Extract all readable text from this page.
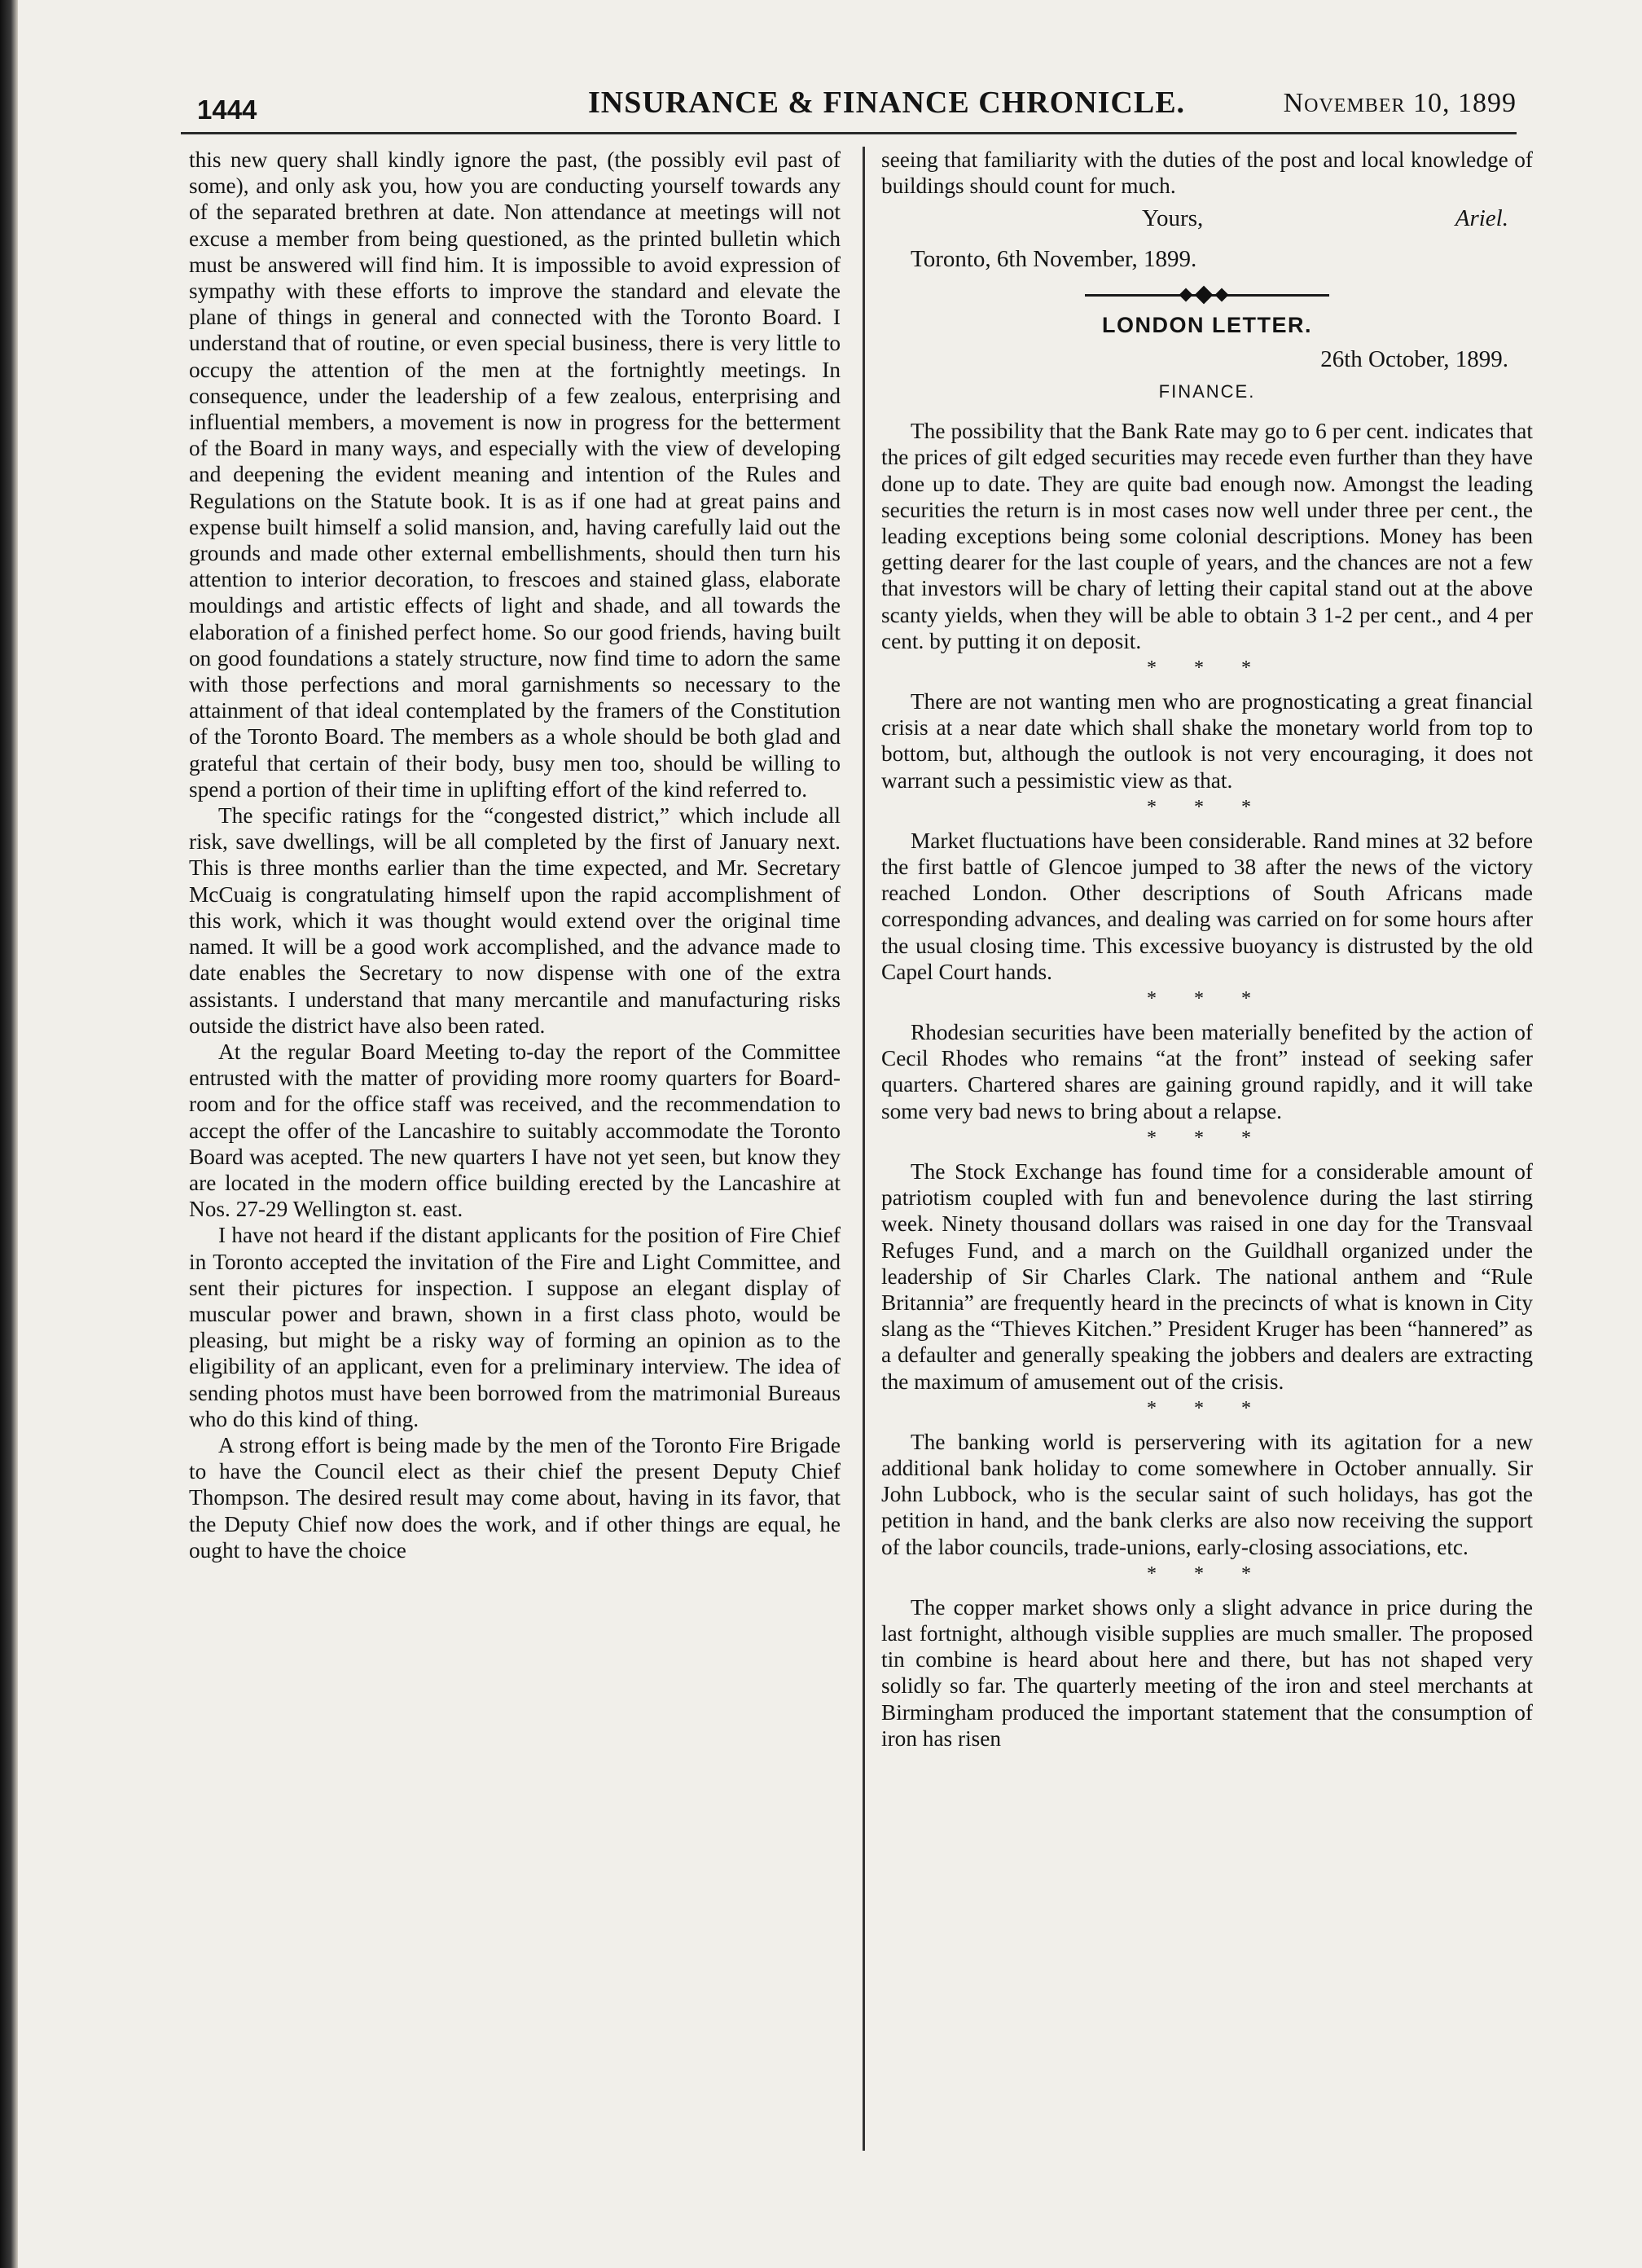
1444	INSURANCE & FINANCE CHRONICLE.	November 10, 1899

this new query shall kindly ignore the past, (the possibly evil past of some), and only ask you, how you are conducting yourself towards any of the separated brethren at date. Non attendance at meetings will not excuse a member from being questioned, as the printed bulletin which must be answered will find him. It is impossible to avoid expression of sympathy with these efforts to improve the standard and elevate the plane of things in general and connected with the Toronto Board. I understand that of routine, or even special business, there is very little to occupy the attention of the men at the fortnightly meetings. In consequence, under the leadership of a few zealous, enterprising and influential members, a movement is now in progress for the betterment of the Board in many ways, and especially with the view of developing and deepening the evident meaning and intention of the Rules and Regulations on the Statute book. It is as if one had at great pains and expense built himself a solid mansion, and, having carefully laid out the grounds and made other external embellishments, should then turn his attention to interior decoration, to frescoes and stained glass, elaborate mouldings and artistic effects of light and shade, and all towards the elaboration of a finished perfect home. So our good friends, having built on good foundations a stately structure, now find time to adorn the same with those perfections and moral garnishments so necessary to the attainment of that ideal contemplated by the framers of the Constitution of the Toronto Board. The members as a whole should be both glad and grateful that certain of their body, busy men too, should be willing to spend a portion of their time in uplifting effort of the kind referred to.

The specific ratings for the “congested district,” which include all risk, save dwellings, will be all completed by the first of January next. This is three months earlier than the time expected, and Mr. Secretary McCuaig is congratulating himself upon the rapid accomplishment of this work, which it was thought would extend over the original time named. It will be a good work accomplished, and the advance made to date enables the Secretary to now dispense with one of the extra assistants. I understand that many mercantile and manufacturing risks outside the district have also been rated.

At the regular Board Meeting to-day the report of the Committee entrusted with the matter of providing more roomy quarters for Board-room and for the office staff was received, and the recommendation to accept the offer of the Lancashire to suitably accommodate the Toronto Board was acepted. The new quarters I have not yet seen, but know they are located in the modern office building erected by the Lancashire at Nos. 27-29 Wellington st. east.

I have not heard if the distant applicants for the position of Fire Chief in Toronto accepted the invitation of the Fire and Light Committee, and sent their pictures for inspection. I suppose an elegant display of muscular power and brawn, shown in a first class photo, would be pleasing, but might be a risky way of forming an opinion as to the eligibility of an applicant, even for a preliminary interview. The idea of sending photos must have been borrowed from the matrimonial Bureaus who do this kind of thing.

A strong effort is being made by the men of the Toronto Fire Brigade to have the Council elect as their chief the present Deputy Chief Thompson. The desired result may come about, having in its favor, that the Deputy Chief now does the work, and if other things are equal, he ought to have the choice

seeing that familiarity with the duties of the post and local knowledge of buildings should count for much.

Yours,	Ariel.
Toronto, 6th November, 1899.
LONDON LETTER.
26th October, 1899.
FINANCE.

The possibility that the Bank Rate may go to 6 per cent. indicates that the prices of gilt edged securities may recede even further than they have done up to date. They are quite bad enough now. Amongst the leading securities the return is in most cases now well under three per cent., the leading exceptions being some colonial descriptions. Money has been getting dearer for the last couple of years, and the chances are not a few that investors will be chary of letting their capital stand out at the above scanty yields, when they will be able to obtain 3 1-2 per cent., and 4 per cent. by putting it on deposit.

* * *

There are not wanting men who are prognosticating a great financial crisis at a near date which shall shake the monetary world from top to bottom, but, although the outlook is not very encouraging, it does not warrant such a pessimistic view as that.

* * *

Market fluctuations have been considerable. Rand mines at 32 before the first battle of Glencoe jumped to 38 after the news of the victory reached London. Other descriptions of South Africans made corresponding advances, and dealing was carried on for some hours after the usual closing time. This excessive buoyancy is distrusted by the old Capel Court hands.

* * *

Rhodesian securities have been materially benefited by the action of Cecil Rhodes who remains “at the front” instead of seeking safer quarters. Chartered shares are gaining ground rapidly, and it will take some very bad news to bring about a relapse.

* * *

The Stock Exchange has found time for a considerable amount of patriotism coupled with fun and benevolence during the last stirring week. Ninety thousand dollars was raised in one day for the Transvaal Refuges Fund, and a march on the Guildhall organized under the leadership of Sir Charles Clark. The national anthem and “Rule Britannia” are frequently heard in the precincts of what is known in City slang as the “Thieves Kitchen.” President Kruger has been “hannered” as a defaulter and generally speaking the jobbers and dealers are extracting the maximum of amusement out of the crisis.

* * *

The banking world is perservering with its agitation for a new additional bank holiday to come somewhere in October annually. Sir John Lubbock, who is the secular saint of such holidays, has got the petition in hand, and the bank clerks are also now receiving the support of the labor councils, trade-unions, early-closing associations, etc.

* * *

The copper market shows only a slight advance in price during the last fortnight, although visible supplies are much smaller. The proposed tin combine is heard about here and there, but has not shaped very solidly so far. The quarterly meeting of the iron and steel merchants at Birmingham produced the important statement that the consumption of iron has risen
